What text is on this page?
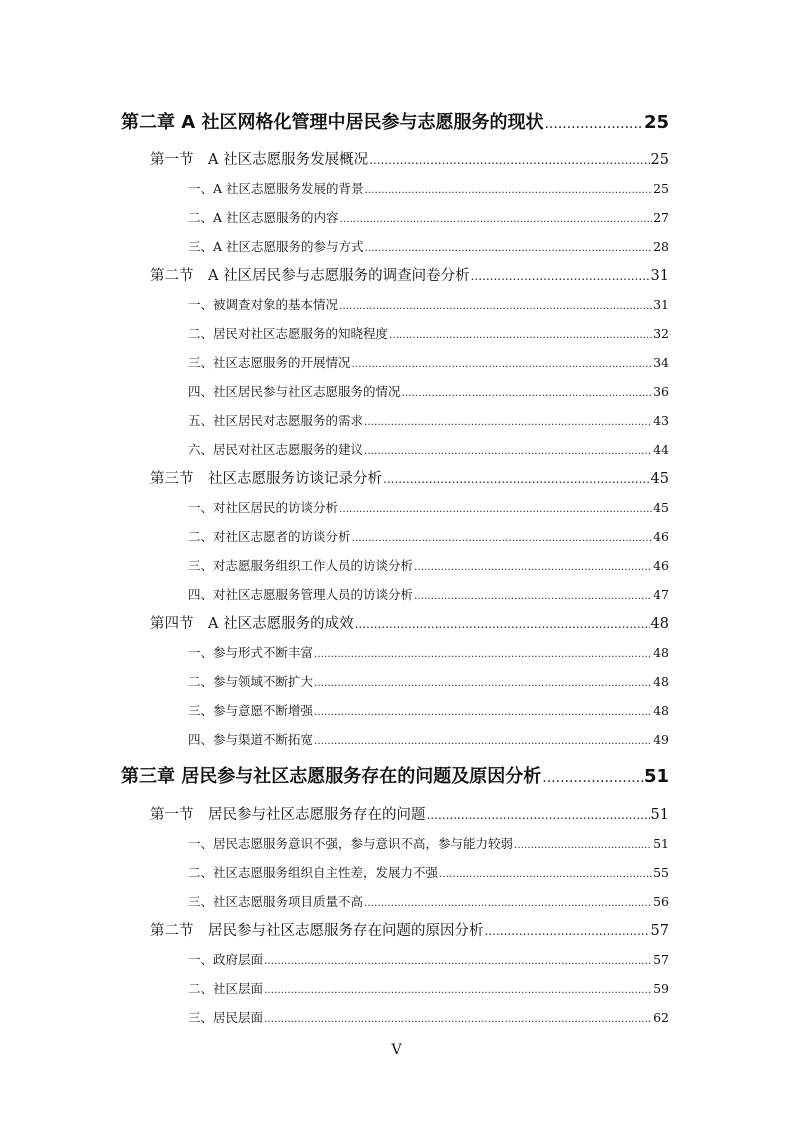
第二章 A 社区网格化管理中居民参与志愿服务的现状 .....	25
第一节　A 社区志愿服务发展概况 .....	25
一、A 社区志愿服务发展的背景 .....	25
二、A 社区志愿服务的内容 .....	27
三、A 社区志愿服务的参与方式 .....	28
第二节　A 社区居民参与志愿服务的调查问卷分析 .....	31
一、被调查对象的基本情况 .....	31
二、居民对社区志愿服务的知晓程度 .....	32
三、社区志愿服务的开展情况 .....	34
四、社区居民参与社区志愿服务的情况 .....	36
五、社区居民对志愿服务的需求 .....	43
六、居民对社区志愿服务的建议 .....	44
第三节　社区志愿服务访谈记录分析 .....	45
一、对社区居民的访谈分析 .....	45
二、对社区志愿者的访谈分析 .....	46
三、对志愿服务组织工作人员的访谈分析 .....	46
四、对社区志愿服务管理人员的访谈分析 .....	47
第四节　A 社区志愿服务的成效 .....	48
一、参与形式不断丰富 .....	48
二、参与领域不断扩大 .....	48
三、参与意愿不断增强 .....	48
四、参与渠道不断拓宽 .....	49
第三章 居民参与社区志愿服务存在的问题及原因分析 .....	51
第一节　居民参与社区志愿服务存在的问题 .....	51
一、居民志愿服务意识不强，参与意识不高，参与能力较弱 .....	51
二、社区志愿服务组织自主性差，发展力不强 .....	55
三、社区志愿服务项目质量不高 .....	56
第二节　居民参与社区志愿服务存在问题的原因分析 .....	57
一、政府层面 .....	57
二、社区层面 .....	59
三、居民层面 .....	62
V
